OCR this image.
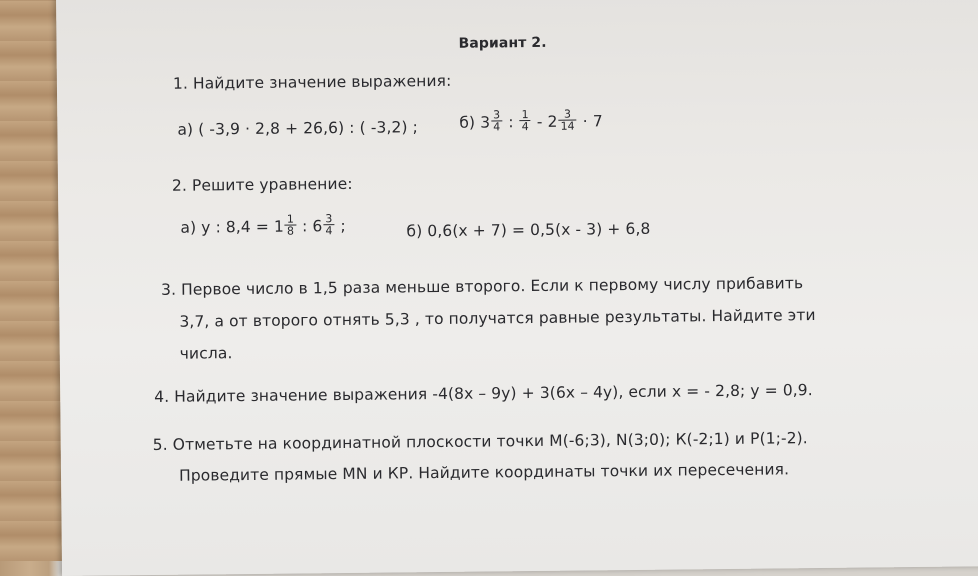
Вариант 2.
1. Найдите значение выражения:
а) ( -3,9 · 2,8 + 26,6) : ( -3,2) ;	б) $3 \frac{3}{4}$ : $\frac{1}{4} - 2 \frac{3}{14} \cdot 7$
2. Решите уравнение:
а) у : $8,4 = 1 \frac{1}{8}$ : $6 \frac{3}{4}$ ;	б) 0,6(х + 7) = 0,5(х - 3) + 6,8
3. Первое число в 1,5 раза меньше второго. Если к первому числу прибавить
3,7, а от второго отнять 5,3 , то получатся равные результаты. Найдите эти
числа.
4. Найдите значение выражения -4(8х – 9у) + 3(6х – 4у), если х = - 2,8; у = 0,9.
5. Отметьте на координатной плоскости точки М(-6;3), N(3;0); К(-2;1) и Р(1;-2).
Проведите прямые MN и КР. Найдите координаты точки их пересечения.
